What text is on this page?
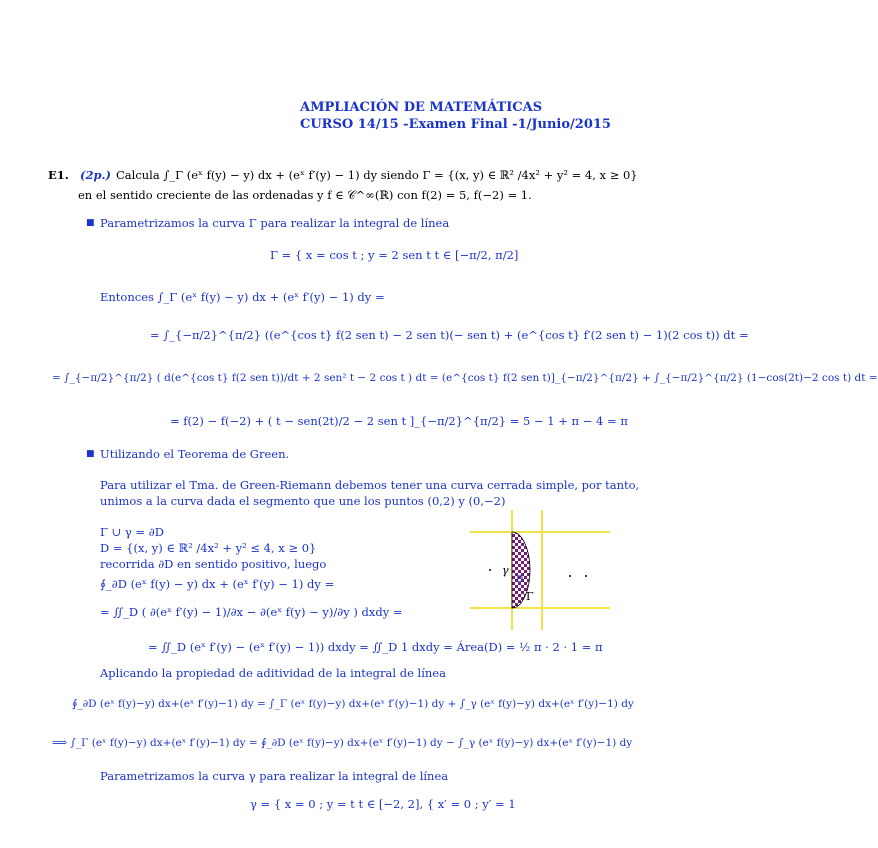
AMPLIACIÓN DE MATEMÁTICAS
CURSO 14/15 -Examen Final -1/Junio/2015
E1. (2p.) Calcula ∫_Γ (eˣ f(y) − y) dx + (eˣ f′(y) − 1) dy siendo Γ = {(x, y) ∈ ℝ² /4x² + y² = 4, x ≥ 0}
en el sentido creciente de las ordenadas y f ∈ 𝒞^∞(ℝ) con f(2) = 5, f(−2) = 1.
■ Parametrizamos la curva Γ para realizar la integral de línea
Γ = { x = cos t ; y = 2 sen t t ∈ [−π/2, π/2]
Entonces ∫_Γ (eˣ f(y) − y) dx + (eˣ f′(y) − 1) dy =
= ∫_{−π/2}^{π/2} ((e^{cos t} f(2 sen t) − 2 sen t)(− sen t) + (e^{cos t} f′(2 sen t) − 1)(2 cos t)) dt =
= ∫_{−π/2}^{π/2} ( d(e^{cos t} f(2 sen t))/dt + 2 sen² t − 2 cos t ) dt = (e^{cos t} f(2 sen t)]_{−π/2}^{π/2} + ∫_{−π/2}^{π/2} (1−cos(2t)−2 cos t) dt =
= f(2) − f(−2) + ( t − sen(2t)/2 − 2 sen t ]_{−π/2}^{π/2} = 5 − 1 + π − 4 = π
■ Utilizando el Teorema de Green.
Para utilizar el Tma. de Green-Riemann debemos tener una curva cerrada simple, por tanto,
unimos a la curva dada el segmento que une los puntos (0,2) y (0,−2)
Γ ∪ γ = ∂D
D = {(x, y) ∈ ℝ² /4x² + y² ≤ 4, x ≥ 0}
recorrida ∂D en sentido positivo, luego
∮_∂D (eˣ f(y) − y) dx + (eˣ f′(y) − 1) dy =
= ∬_D ( ∂(eˣ f′(y) − 1)/∂x − ∂(eˣ f(y) − y)/∂y ) dxdy =
= ∬_D (eˣ f′(y) − (eˣ f′(y) − 1)) dxdy = ∬_D 1 dxdy = Área(D) = ½ π · 2 · 1 = π
Aplicando la propiedad de aditividad de la integral de línea
∮_∂D (eˣ f(y)−y) dx+(eˣ f′(y)−1) dy = ∫_Γ (eˣ f(y)−y) dx+(eˣ f′(y)−1) dy + ∫_γ (eˣ f(y)−y) dx+(eˣ f′(y)−1) dy
⟹ ∫_Γ (eˣ f(y)−y) dx+(eˣ f′(y)−1) dy = ∮_∂D (eˣ f(y)−y) dx+(eˣ f′(y)−1) dy − ∫_γ (eˣ f(y)−y) dx+(eˣ f′(y)−1) dy
Parametrizamos la curva γ para realizar la integral de línea
γ = { x = 0 ; y = t t ∈ [−2, 2], { x′ = 0 ; y′ = 1
γ
D
Γ
